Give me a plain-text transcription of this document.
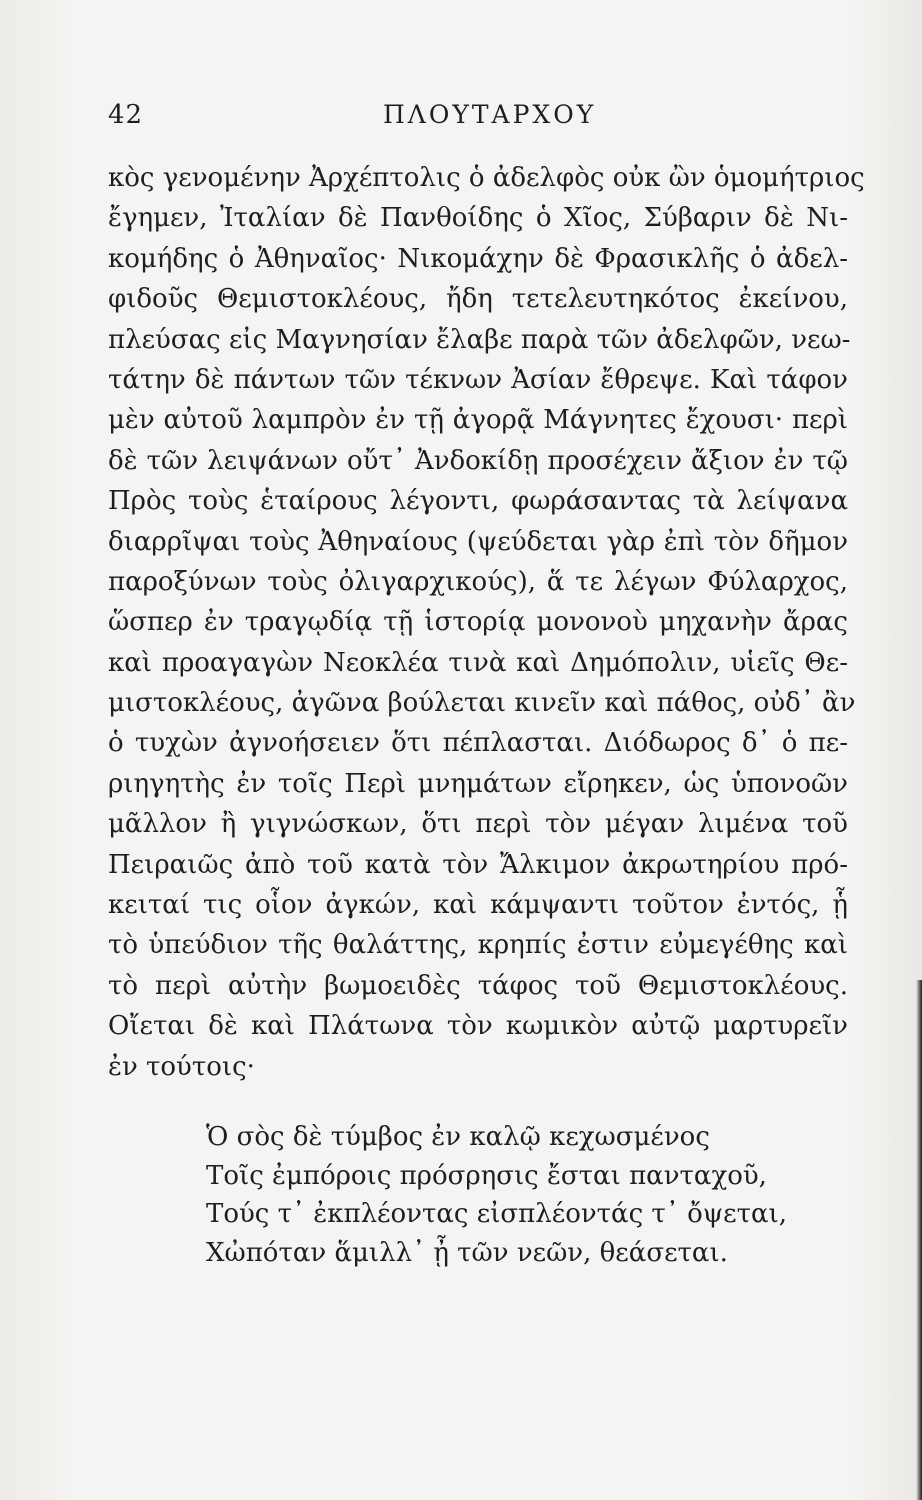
42	ΠΛΟΥΤΑΡΧΟΥ
κὸς γενομένην Ἀρχέπτολις ὁ ἀδελφὸς οὐκ ὢν ὁμομήτριος
ἔγημεν, Ἰταλίαν δὲ Πανθοίδης ὁ Χῖος, Σύβαριν δὲ Νι-
κομήδης ὁ Ἀθηναῖος· Νικομάχην δὲ Φρασικλῆς ὁ ἀδελ-
φιδοῦς Θεμιστοκλέους, ἤδη τετελευτηκότος ἐκείνου,
πλεύσας εἰς Μαγνησίαν ἔλαβε παρὰ τῶν ἀδελφῶν, νεω-
τάτην δὲ πάντων τῶν τέκνων Ἀσίαν ἔθρεψε. Καὶ τάφον
μὲν αὐτοῦ λαμπρὸν ἐν τῇ ἀγορᾷ Μάγνητες ἔχουσι· περὶ
δὲ τῶν λειψάνων οὔτ᾽ Ἀνδοκίδῃ προσέχειν ἄξιον ἐν τῷ
Πρὸς τοὺς ἑταίρους λέγοντι, φωράσαντας τὰ λείψανα
διαρρῖψαι τοὺς Ἀθηναίους (ψεύδεται γὰρ ἐπὶ τὸν δῆμον
παροξύνων τοὺς ὀλιγαρχικούς), ἅ τε λέγων Φύλαρχος,
ὥσπερ ἐν τραγῳδίᾳ τῇ ἱστορίᾳ μονονοὺ μηχανὴν ἄρας
καὶ προαγαγὼν Νεοκλέα τινὰ καὶ Δημόπολιν, υἱεῖς Θε-
μιστοκλέους, ἀγῶνα βούλεται κινεῖν καὶ πάθος, οὐδ᾽ ἂν
ὁ τυχὼν ἀγνοήσειεν ὅτι πέπλασται. Διόδωρος δ᾽ ὁ πε-
ριηγητὴς ἐν τοῖς Περὶ μνημάτων εἴρηκεν, ὡς ὑπονοῶν
μᾶλλον ἢ γιγνώσκων, ὅτι περὶ τὸν μέγαν λιμένα τοῦ
Πειραιῶς ἀπὸ τοῦ κατὰ τὸν Ἄλκιμον ἀκρωτηρίου πρό-
κειταί τις οἷον ἀγκών, καὶ κάμψαντι τοῦτον ἐντός, ᾗ
τὸ ὑπεύδιον τῆς θαλάττης, κρηπίς ἐστιν εὐμεγέθης καὶ
τὸ περὶ αὐτὴν βωμοειδὲς τάφος τοῦ Θεμιστοκλέους.
Οἴεται δὲ καὶ Πλάτωνα τὸν κωμικὸν αὐτῷ μαρτυρεῖν
ἐν τούτοις·
Ὁ σὸς δὲ τύμβος ἐν καλῷ κεχωσμένος
Τοῖς ἐμπόροις πρόσρησις ἔσται πανταχοῦ,
Τούς τ᾽ ἐκπλέοντας εἰσπλέοντάς τ᾽ ὄψεται,
Χὠπόταν ἅμιλλ᾽ ᾖ τῶν νεῶν, θεάσεται.
